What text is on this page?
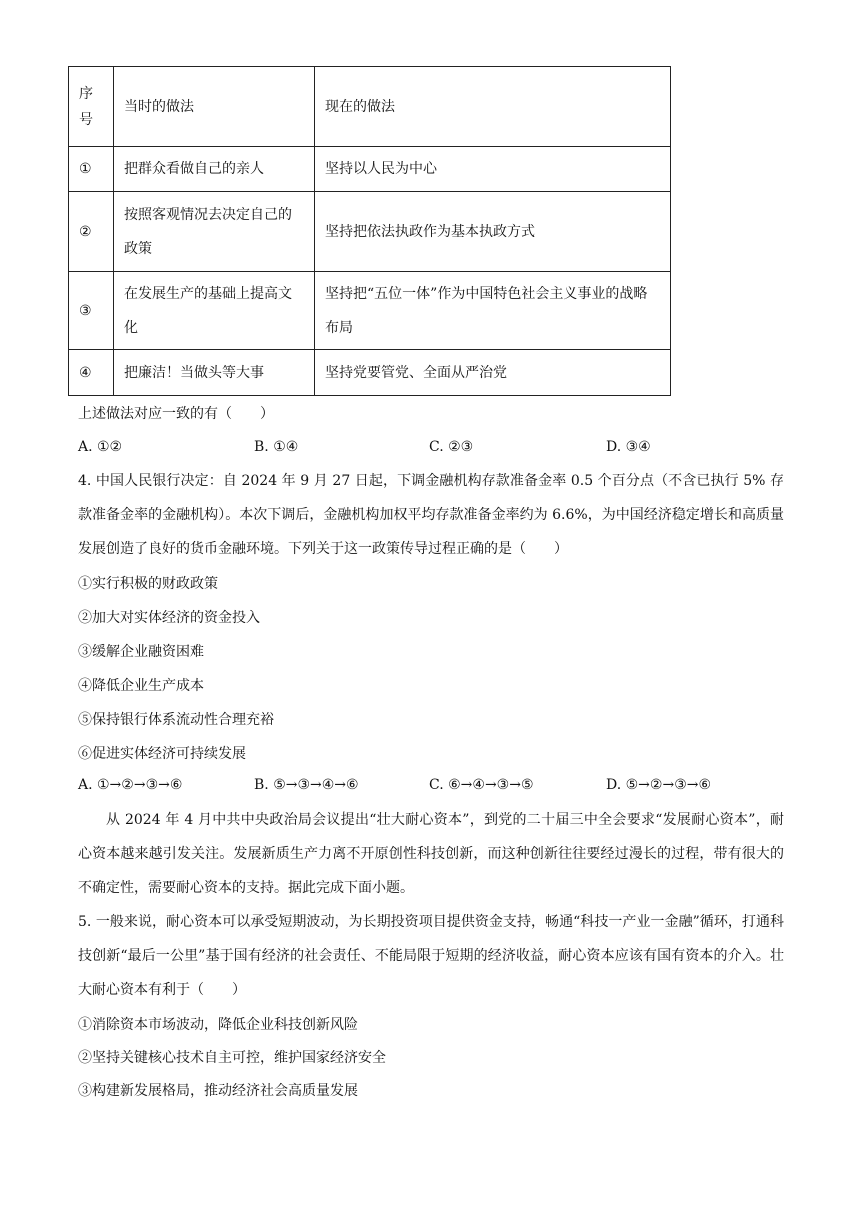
序号	当时的做法	现在的做法
①	把群众看做自己的亲人	坚持以人民为中心
②	按照客观情况去决定自己的政策	坚持把依法执政作为基本执政方式
③	在发展生产的基础上提高文化	坚持把“五位一体”作为中国特色社会主义事业的战略布局
④	把廉洁！当做头等大事	坚持党要管党、全面从严治党
上述做法对应一致的有（　　）
A. ①②	B. ①④	C. ②③	D. ③④
4. 中国人民银行决定：自 2024 年 9 月 27 日起，下调金融机构存款准备金率 0.5 个百分点（不含已执行 5% 存款准备金率的金融机构）。本次下调后，金融机构加权平均存款准备金率约为 6.6%，为中国经济稳定增长和高质量发展创造了良好的货币金融环境。下列关于这一政策传导过程正确的是（　　）
①实行积极的财政政策
②加大对实体经济的资金投入
③缓解企业融资困难
④降低企业生产成本
⑤保持银行体系流动性合理充裕
⑥促进实体经济可持续发展
A. ①→②→③→⑥	B. ⑤→③→④→⑥	C. ⑥→④→③→⑤	D. ⑤→②→③→⑥
从 2024 年 4 月中共中央政治局会议提出“壮大耐心资本”，到党的二十届三中全会要求“发展耐心资本”，耐心资本越来越引发关注。发展新质生产力离不开原创性科技创新，而这种创新往往要经过漫长的过程，带有很大的不确定性，需要耐心资本的支持。据此完成下面小题。
5. 一般来说，耐心资本可以承受短期波动，为长期投资项目提供资金支持，畅通“科技一产业一金融”循环，打通科技创新“最后一公里”基于国有经济的社会责任、不能局限于短期的经济收益，耐心资本应该有国有资本的介入。壮大耐心资本有利于（　　）
①消除资本市场波动，降低企业科技创新风险
②坚持关键核心技术自主可控，维护国家经济安全
③构建新发展格局，推动经济社会高质量发展
